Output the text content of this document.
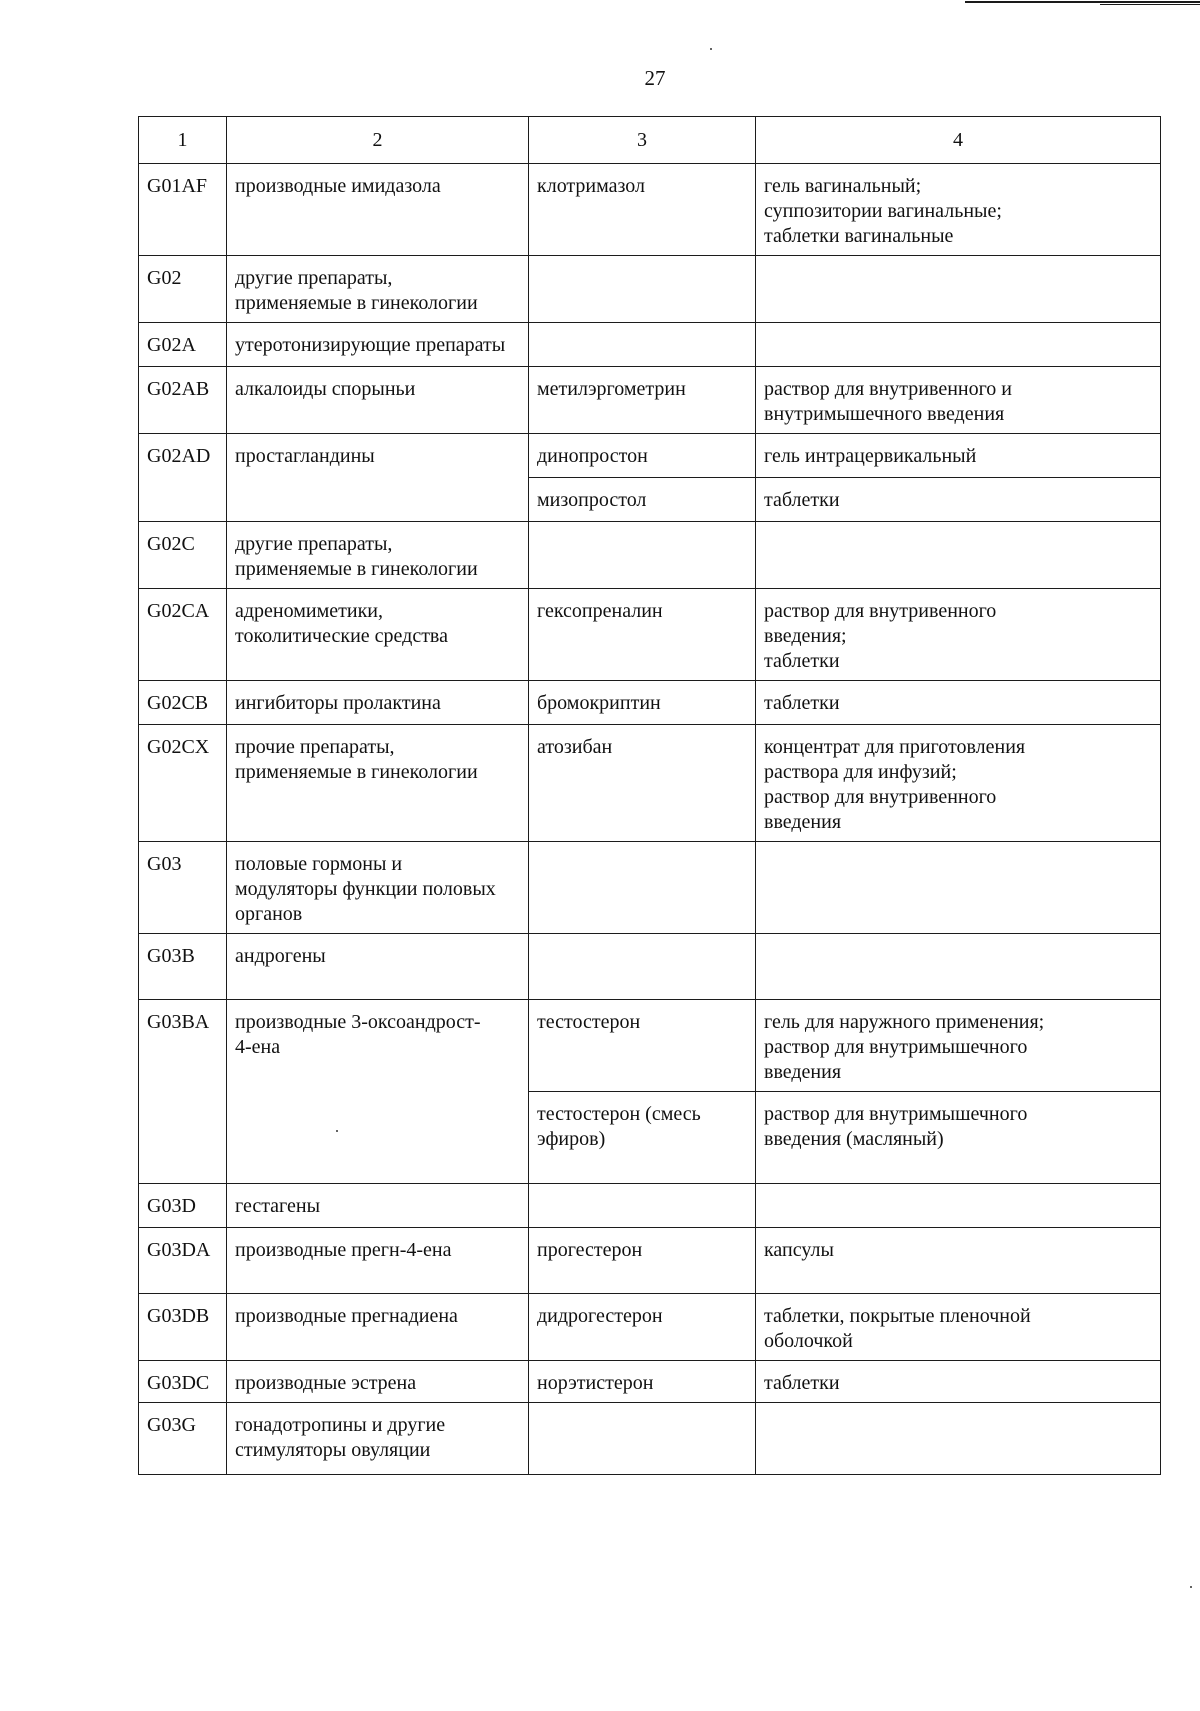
27
1	2	3	4
G01AF	производные имидазола	клотримазол	гель вагинальный;
суппозитории вагинальные;
таблетки вагинальные
G02	другие препараты,
применяемые в гинекологии		
G02A	утеротонизирующие препараты		
G02AB	алкалоиды спорыньи	метилэргометрин	раствор для внутривенного и
внутримышечного введения
G02AD	простагландины	динопростон	гель интрацервикальный
		мизопростол	таблетки
G02C	другие препараты,
применяемые в гинекологии		
G02CA	адреномиметики,
токолитические средства	гексопреналин	раствор для внутривенного
введения;
таблетки
G02CB	ингибиторы пролактина	бромокриптин	таблетки
G02CX	прочие препараты,
применяемые в гинекологии	атозибан	концентрат для приготовления
раствора для инфузий;
раствор для внутривенного
введения
G03	половые гормоны и
модуляторы функции половых
органов		
G03B	андрогены		
G03BA	производные 3-оксоандрост-
4-ена	тестостерон	гель для наружного применения;
раствор для внутримышечного
введения
		тестостерон (смесь
эфиров)	раствор для внутримышечного
введения (масляный)
G03D	гестагены		
G03DA	производные прегн-4-ена	прогестерон	капсулы
G03DB	производные прегнадиена	дидрогестерон	таблетки, покрытые пленочной
оболочкой
G03DC	производные эстрена	норэтистерон	таблетки
G03G	гонадотропины и другие
стимуляторы овуляции		
